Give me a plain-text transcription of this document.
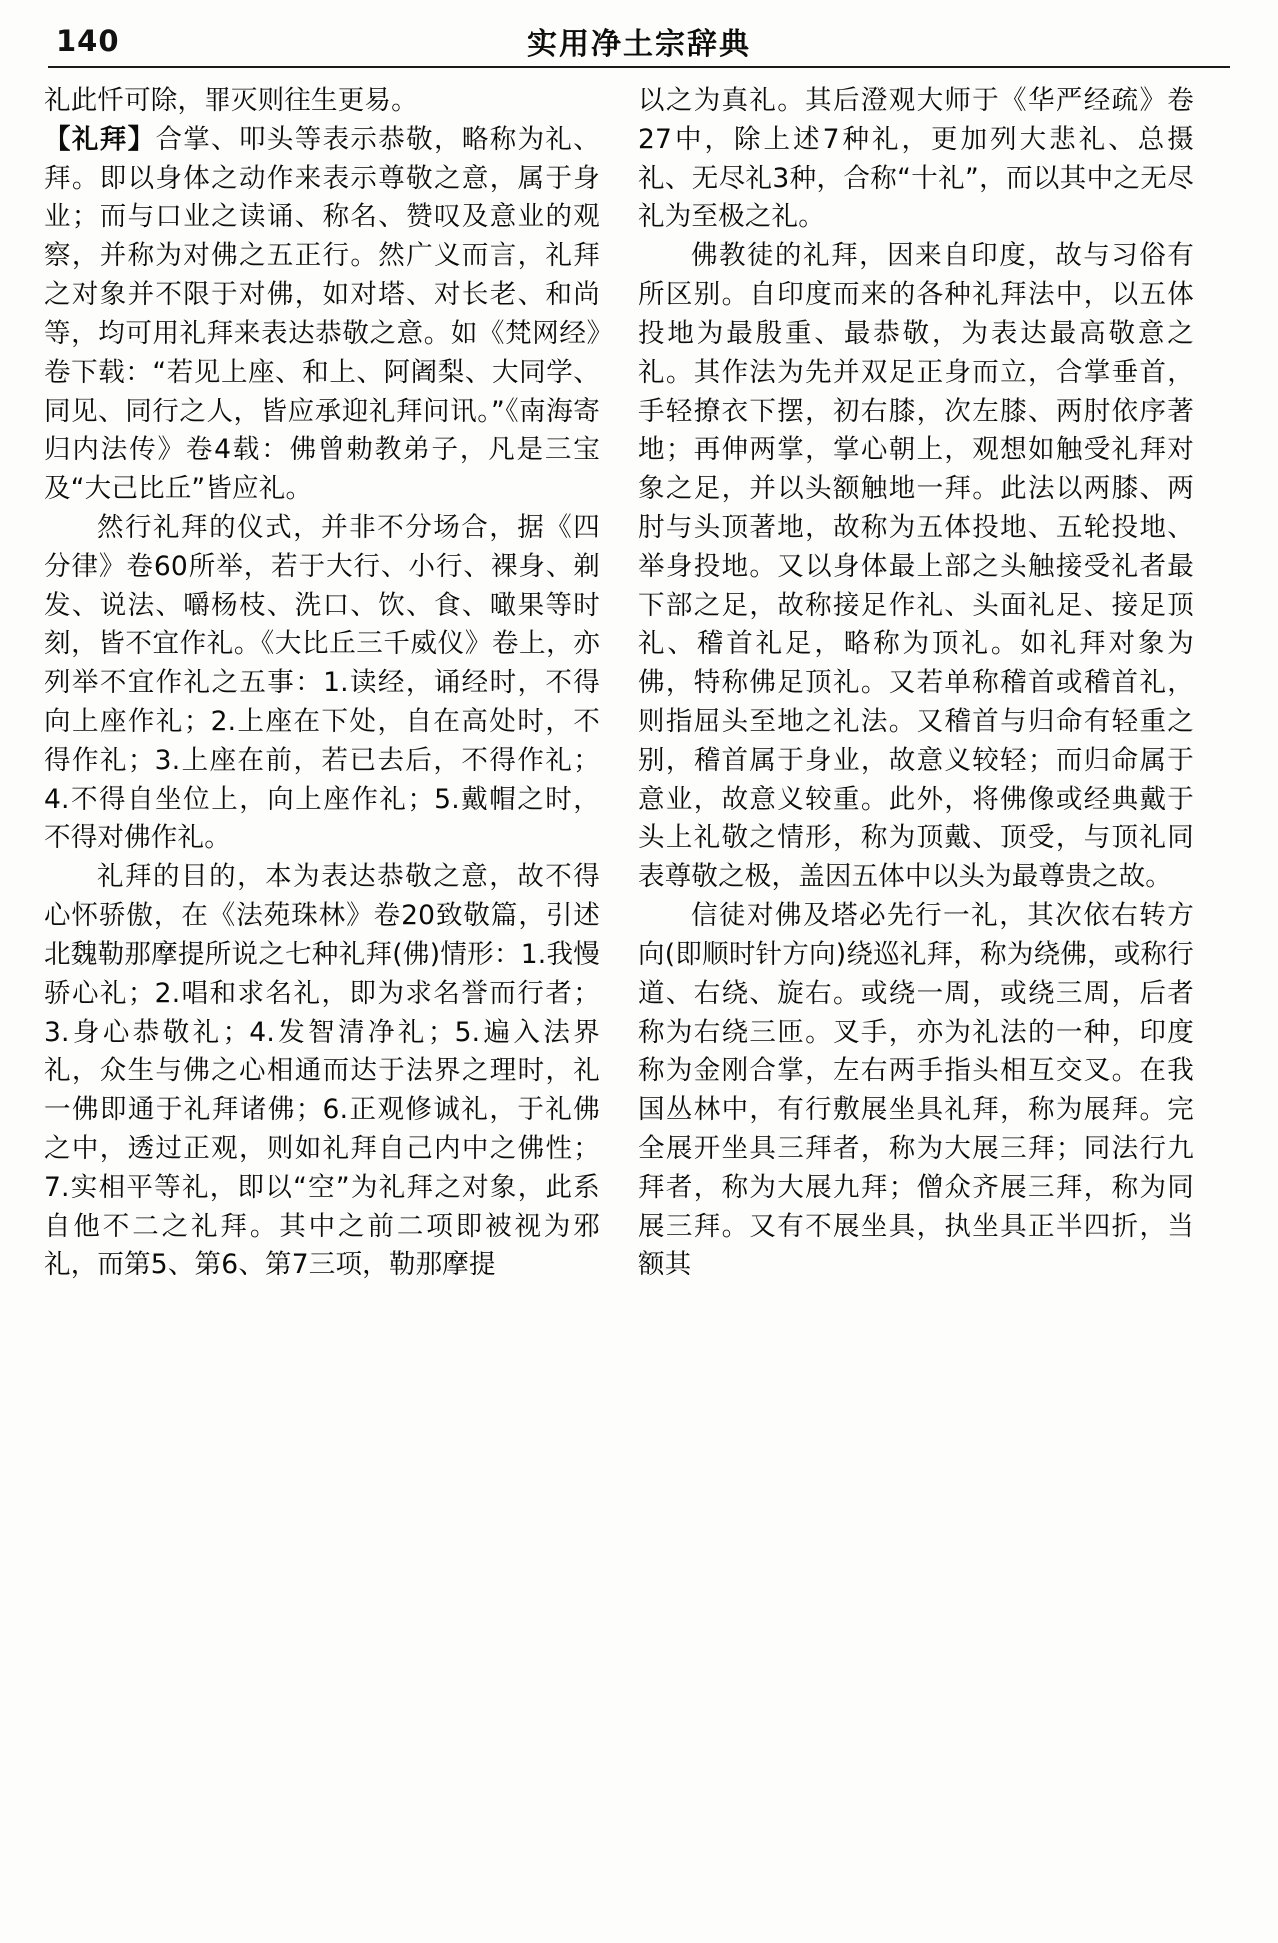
140	实用净土宗辞典

礼此忏可除，罪灭则往生更易。

【礼拜】合掌、叩头等表示恭敬，略称为礼、拜。即以身体之动作来表示尊敬之意，属于身业；而与口业之读诵、称名、赞叹及意业的观察，并称为对佛之五正行。然广义而言，礼拜之对象并不限于对佛，如对塔、对长老、和尚等，均可用礼拜来表达恭敬之意。如《梵网经》卷下载：“若见上座、和上、阿阇梨、大同学、同见、同行之人，皆应承迎礼拜问讯。”《南海寄归内法传》卷4载：佛曾勅教弟子，凡是三宝及“大己比丘”皆应礼。

然行礼拜的仪式，并非不分场合，据《四分律》卷60所举，若于大行、小行、裸身、剃发、说法、嚼杨枝、洗口、饮、食、噉果等时刻，皆不宜作礼。《大比丘三千威仪》卷上，亦列举不宜作礼之五事：1.读经，诵经时，不得向上座作礼；2.上座在下处，自在高处时，不得作礼；3.上座在前，若已去后，不得作礼；4.不得自坐位上，向上座作礼；5.戴帽之时，不得对佛作礼。

礼拜的目的，本为表达恭敬之意，故不得心怀骄傲，在《法苑珠林》卷20致敬篇，引述北魏勒那摩提所说之七种礼拜(佛)情形：1.我慢骄心礼；2.唱和求名礼，即为求名誉而行者；3.身心恭敬礼；4.发智清净礼；5.遍入法界礼，众生与佛之心相通而达于法界之理时，礼一佛即通于礼拜诸佛；6.正观修诚礼，于礼佛之中，透过正观，则如礼拜自己内中之佛性；7.实相平等礼，即以“空”为礼拜之对象，此系自他不二之礼拜。其中之前二项即被视为邪礼，而第5、第6、第7三项，勒那摩提

以之为真礼。其后澄观大师于《华严经疏》卷27中，除上述7种礼，更加列大悲礼、总摄礼、无尽礼3种，合称“十礼”，而以其中之无尽礼为至极之礼。

佛教徒的礼拜，因来自印度，故与习俗有所区别。自印度而来的各种礼拜法中，以五体投地为最殷重、最恭敬，为表达最高敬意之礼。其作法为先并双足正身而立，合掌垂首，手轻撩衣下摆，初右膝，次左膝、两肘依序著地；再伸两掌，掌心朝上，观想如触受礼拜对象之足，并以头额触地一拜。此法以两膝、两肘与头顶著地，故称为五体投地、五轮投地、举身投地。又以身体最上部之头触接受礼者最下部之足，故称接足作礼、头面礼足、接足顶礼、稽首礼足，略称为顶礼。如礼拜对象为佛，特称佛足顶礼。又若单称稽首或稽首礼，则指屈头至地之礼法。又稽首与归命有轻重之别，稽首属于身业，故意义较轻；而归命属于意业，故意义较重。此外，将佛像或经典戴于头上礼敬之情形，称为顶戴、顶受，与顶礼同表尊敬之极，盖因五体中以头为最尊贵之故。

信徒对佛及塔必先行一礼，其次依右转方向(即顺时针方向)绕巡礼拜，称为绕佛，或称行道、右绕、旋右。或绕一周，或绕三周，后者称为右绕三匝。叉手，亦为礼法的一种，印度称为金刚合掌，左右两手指头相互交叉。在我国丛林中，有行敷展坐具礼拜，称为展拜。完全展开坐具三拜者，称为大展三拜；同法行九拜者，称为大展九拜；僧众齐展三拜，称为同展三拜。又有不展坐具，执坐具正半四折，当额其
